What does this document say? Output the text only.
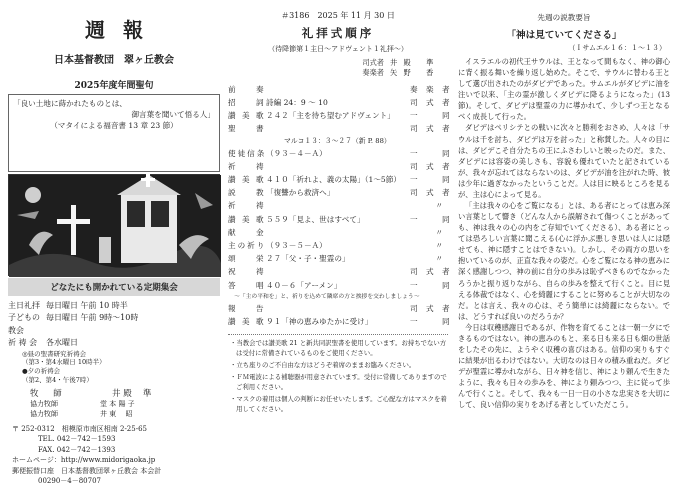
週報
日本基督教団　翠ヶ丘教会
2025年度年間聖句
「良い土地に蒔かれたものとは、
御言葉を聞いて悟る人」
（マタイによる福音書 13 章 23 節）
どなたにも開かれている定期集会
主日礼拝 毎日曜日 午前 10 時半
子どもの教会
毎日曜日 午前 9時〜10時
祈 祷 会	各水曜日
◎昼の聖書研究祈祷会
（第3・第4水曜日 10時半）
●夕の祈祷会
（第2、第4・午後7時）
牧 師	井 殿 　準
協力牧師	堂 本 陽 子
協力牧師	井 東 　昭
〒 252-0312　相模原市南区相南 2-25-65
TEL. 042－742－1593
FAX. 042－742－1393
ホームページ：http://www.midorigaoka.jp
郵便振替口座　日本基督教団翠ヶ丘教会 本会計
00290－4－80707
＃3186　2025 年 11 月 30 日
礼拝式順序
（待降節第１主日〜アドヴェント１礼拝〜）
司式者 井 殿 　準
奏楽者 矢 野 　香
前 　 奏	奏 楽 者
招 　 詞 詩編 24：9 ～ 10	司 式 者
讃 美 歌 ２４２「主を待ち望むアドヴェント」	一 　 同
聖 　 書	司 式 者
マルコ１３：３〜２７（新 P. 88）
使徒信条 （９３－４－Ａ）	一 　 同
祈 　 祷	司 式 者
讃 美 歌 ４１０「祈れよ、義の太陽」（1～5節）	一 　 同
説 　 教 「復讐から救済へ」	司 式 者
祈 　 祷	〃
讃 美 歌 ５５９「見よ、世はすべて」	一 　 同
献 　 金	〃
主の祈り （９３－５－Ａ）	〃
頌 　 栄 ２７「父・子・聖霊の」	〃
祝 　 祷	司 式 者
答 　 唱 ４０－６「アーメン」	一 　 同
～「主の平和を」と、祈りを込めて隣席の方と挨拶を交わしましょう～
報 　 告	司 式 者
讃 美 歌 ９１「神の恵みゆたかに受け」	一 　 同
・当教会では讃美歌 21 と新共同訳聖書を使用しています。お持ちでない方は受付に常備されているものをご使用ください。
・立ち座りのご不自由な方はどうぞ着席のままお臨みください。
・ＦＭ電波による補聴器が用意されています。受付に常備してありますのでご利用ください。
・マスクの着用は個人の判断にお任せいたします。ご心配な方はマスクを着用してください。
先週の説教要旨
「神は見ていてくださる」
（Ｉサムエル１６：１～１３）

イスラエルの初代王サウルは、王となって間もなく、神の御心に背く振る舞いを繰り返し始めた。そこで、サウルに替わる王として選び出されたのがダビデであった。サムエルがダビデに油を注いで以来、「主の霊が激しくダビデに降るようになった」(13節)。そして、ダビデは聖霊の力に導かれて、少しずつ王となるべく成長して行った。

ダビデはペリシテとの戦いに次々と勝利をおさめ、人々は「サウルは千を討ち、ダビデは万を討った」と称賛した。人々の目には、ダビデこそ自分たちの王にふさわしいと映ったのだ。また、ダビデには容姿の美しさも、容貌も優れていたと記されているが、我々が忘れてはならないのは、ダビデが油を注がれた時、彼は少年に過ぎなかったということだ。人は目に映るところを見るが、主は心によって見る。

「主は我々の心をご覧になる」とは、ある者にとっては恵み深い言葉として響き（どんな人から誤解されて傷つくことがあっても、神は我々の心の内をご存知でいてくださる）、ある者にとっては恐ろしい言葉に聞こえる(心に浮かぶ悪しき思いは人には隠せても、神に隠すことはできない)。しかし、その両方の思いを抱いているのが、正直な我々の姿だ。心をご覧になる神の恵みに深く感謝しつつ、神の前に自分の歩みは恥ずべきものでなかったろうかと振り返りながら、自らの歩みを整えて行くこと。目に見える体裁ではなく、心を綺麗にすることに努めることが大切なのだ。とは言え、我々の心は、そう簡単には綺麗にならない。では、どうすれば良いのだろうか？

今日は収穫感謝日であるが、作物を育てることは一朝一夕にできるものではない。神の恵みのもと、来る日も来る日も畑の世話をしたその先に、ようやく収穫の喜びはある。信仰の実りもすぐに結果が出るわけではない。大切なのは日々の積み重ねだ。ダビデが聖霊に導かれながら、日々神を信じ、神により頼んで生きたように、我々も日々の歩みを、神により頼みつつ、主に従って歩んで行くこと。そして、我々も一日一日の小さな忠実さを大切にして、良い信仰の実りをあげる者としていただこう。
